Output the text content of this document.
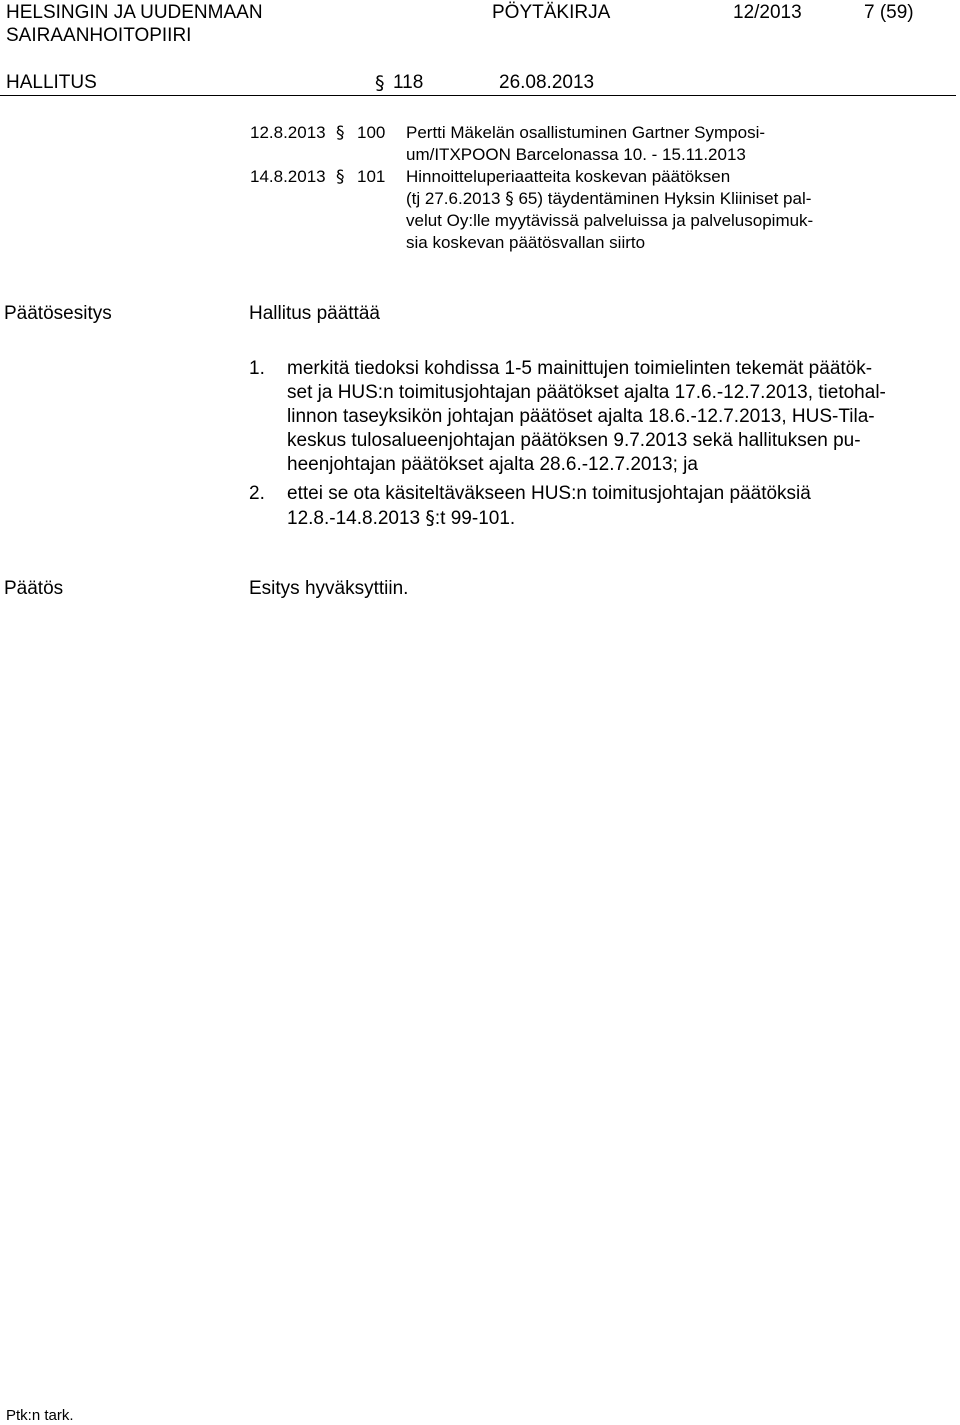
HELSINGIN JA UUDENMAAN
SAIRAANHOITOPIIRI
PÖYTÄKIRJA	12/2013	7 (59)
HALLITUS	§ 118	26.08.2013
12.8.2013 § 100 Pertti Mäkelän osallistuminen Gartner Symposi-
um/ITXPOON Barcelonassa 10. - 15.11.2013
14.8.2013 § 101 Hinnoitteluperiaatteita koskevan päätöksen
(tj 27.6.2013 § 65) täydentäminen Hyksin Kliiniset pal-
velut Oy:lle myytävissä palveluissa ja palvelusopimuk-
sia koskevan päätösvallan siirto
Päätösesitys	Hallitus päättää
1. merkitä tiedoksi kohdissa 1-5 mainittujen toimielinten tekemät päätök-
set ja HUS:n toimitusjohtajan päätökset ajalta 17.6.-12.7.2013, tietohal-
linnon taseyksikön johtajan päätöset ajalta 18.6.-12.7.2013, HUS-Tila-
keskus tulosalueenjohtajan päätöksen 9.7.2013 sekä hallituksen pu-
heenjohtajan päätökset ajalta 28.6.-12.7.2013; ja
2. ettei se ota käsiteltäväkseen HUS:n toimitusjohtajan päätöksiä
12.8.-14.8.2013 §:t 99-101.
Päätös	Esitys hyväksyttiin.
Ptk:n tark.
